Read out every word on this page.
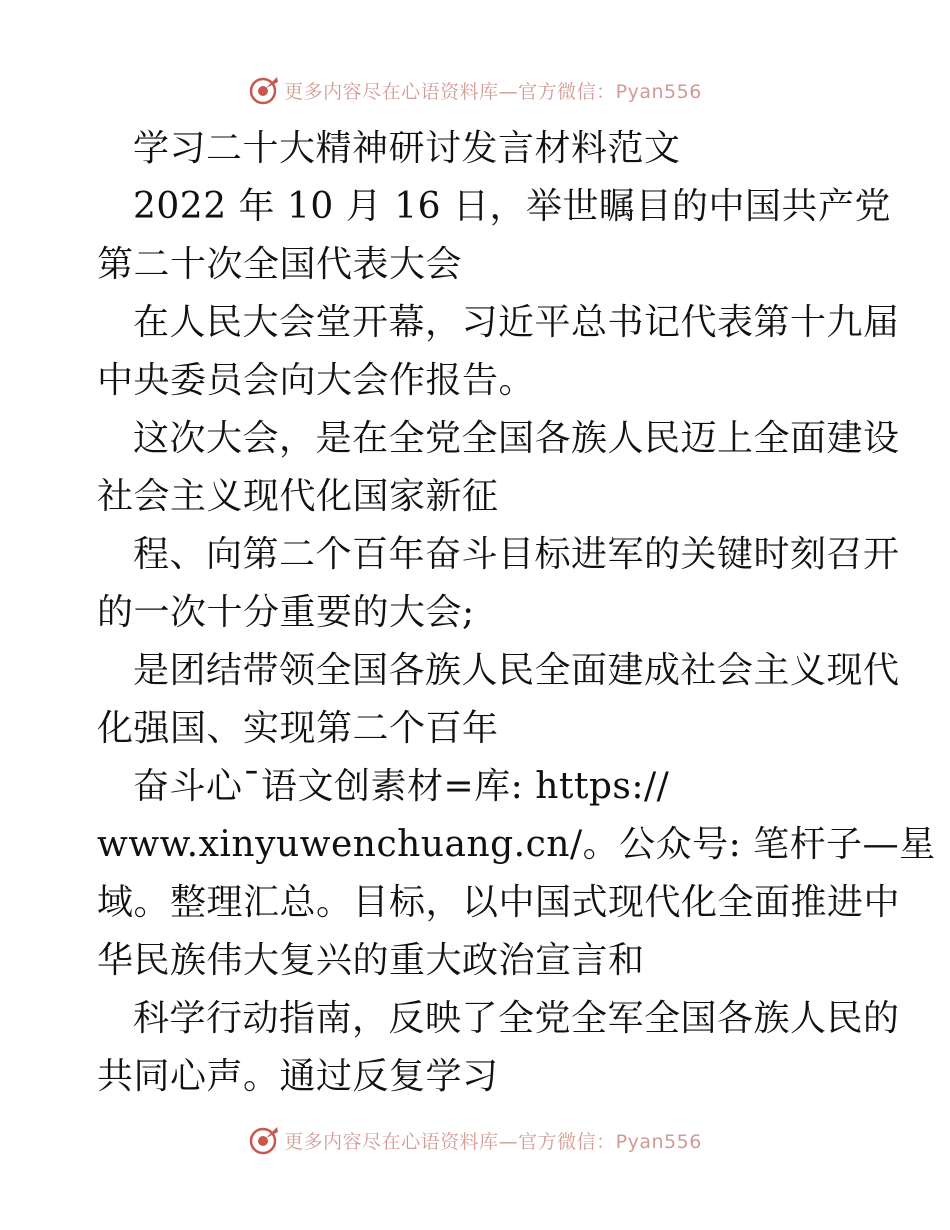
更多内容尽在心语资料库—官方微信：Pyan556
学习二十大精神研讨发言材料范文
2022 年 10 月 16 日，举世瞩目的中国共产党
第二十次全国代表大会
在人民大会堂开幕，习近平总书记代表第十九届
中央委员会向大会作报告。
这次大会，是在全党全国各族人民迈上全面建设
社会主义现代化国家新征
程、向第二个百年奋斗目标进军的关键时刻召开
的一次十分重要的大会;
是团结带领全国各族人民全面建成社会主义现代
化强国、实现第二个百年
奋斗心¯语文创素材=库: https://
www.xinyuwenchuang.cn/。公众号: 笔杆子—星
域。整理汇总。目标，以中国式现代化全面推进中
华民族伟大复兴的重大政治宣言和
科学行动指南，反映了全党全军全国各族人民的
共同心声。通过反复学习
更多内容尽在心语资料库—官方微信：Pyan556
